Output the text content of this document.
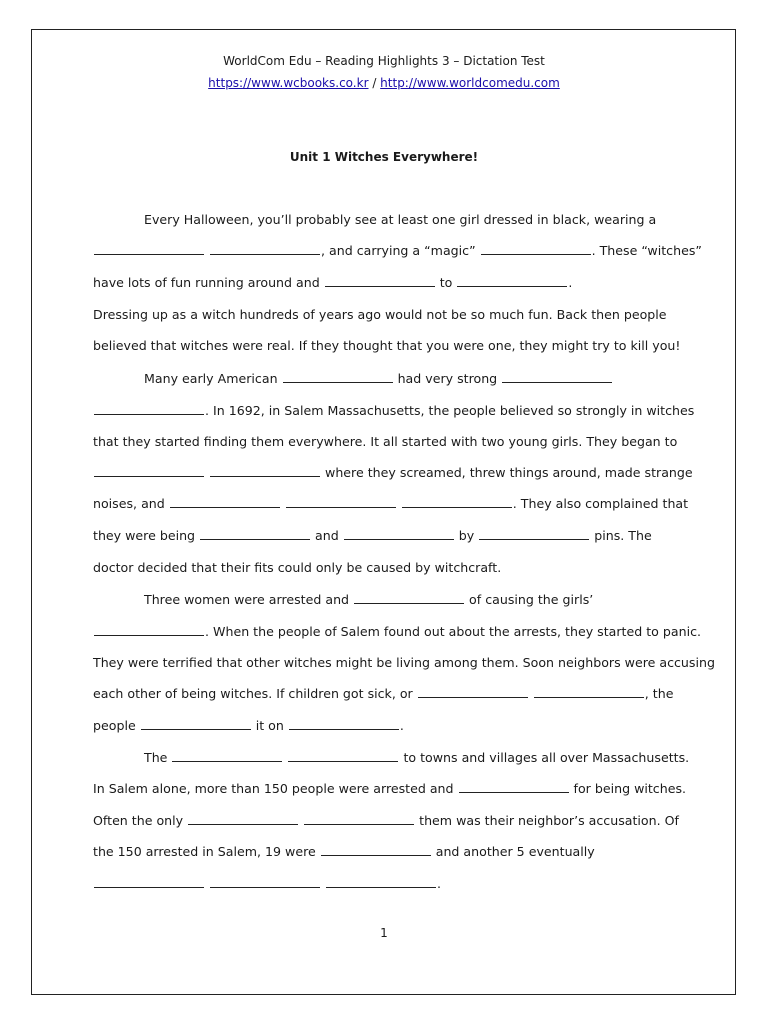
WorldCom Edu – Reading Highlights 3 – Dictation Test
https://www.wcbooks.co.kr / http://www.worldcomedu.com
Unit 1 Witches Everywhere!
Every Halloween, you’ll probably see at least one girl dressed in black, wearing a
, and carrying a “magic”	. These “witches”
have lots of fun running around and	to	.
Dressing up as a witch hundreds of years ago would not be so much fun. Back then people
believed that witches were real. If they thought that you were one, they might try to kill you!
Many early American	had very strong
. In 1692, in Salem Massachusetts, the people believed so strongly in witches
that they started finding them everywhere. It all started with two young girls. They began to
where they screamed, threw things around, made strange
noises, and	. They also complained that
they were being	and	by	pins. The
doctor decided that their fits could only be caused by witchcraft.
Three women were arrested and	of causing the girls’
. When the people of Salem found out about the arrests, they started to panic.
They were terrified that other witches might be living among them. Soon neighbors were accusing
each other of being witches. If children got sick, or	, the
people	it on	.
The	to towns and villages all over Massachusetts.
In Salem alone, more than 150 people were arrested and	for being witches.
Often the only	them was their neighbor’s accusation. Of
the 150 arrested in Salem, 19 were	and another 5 eventually
.
1
